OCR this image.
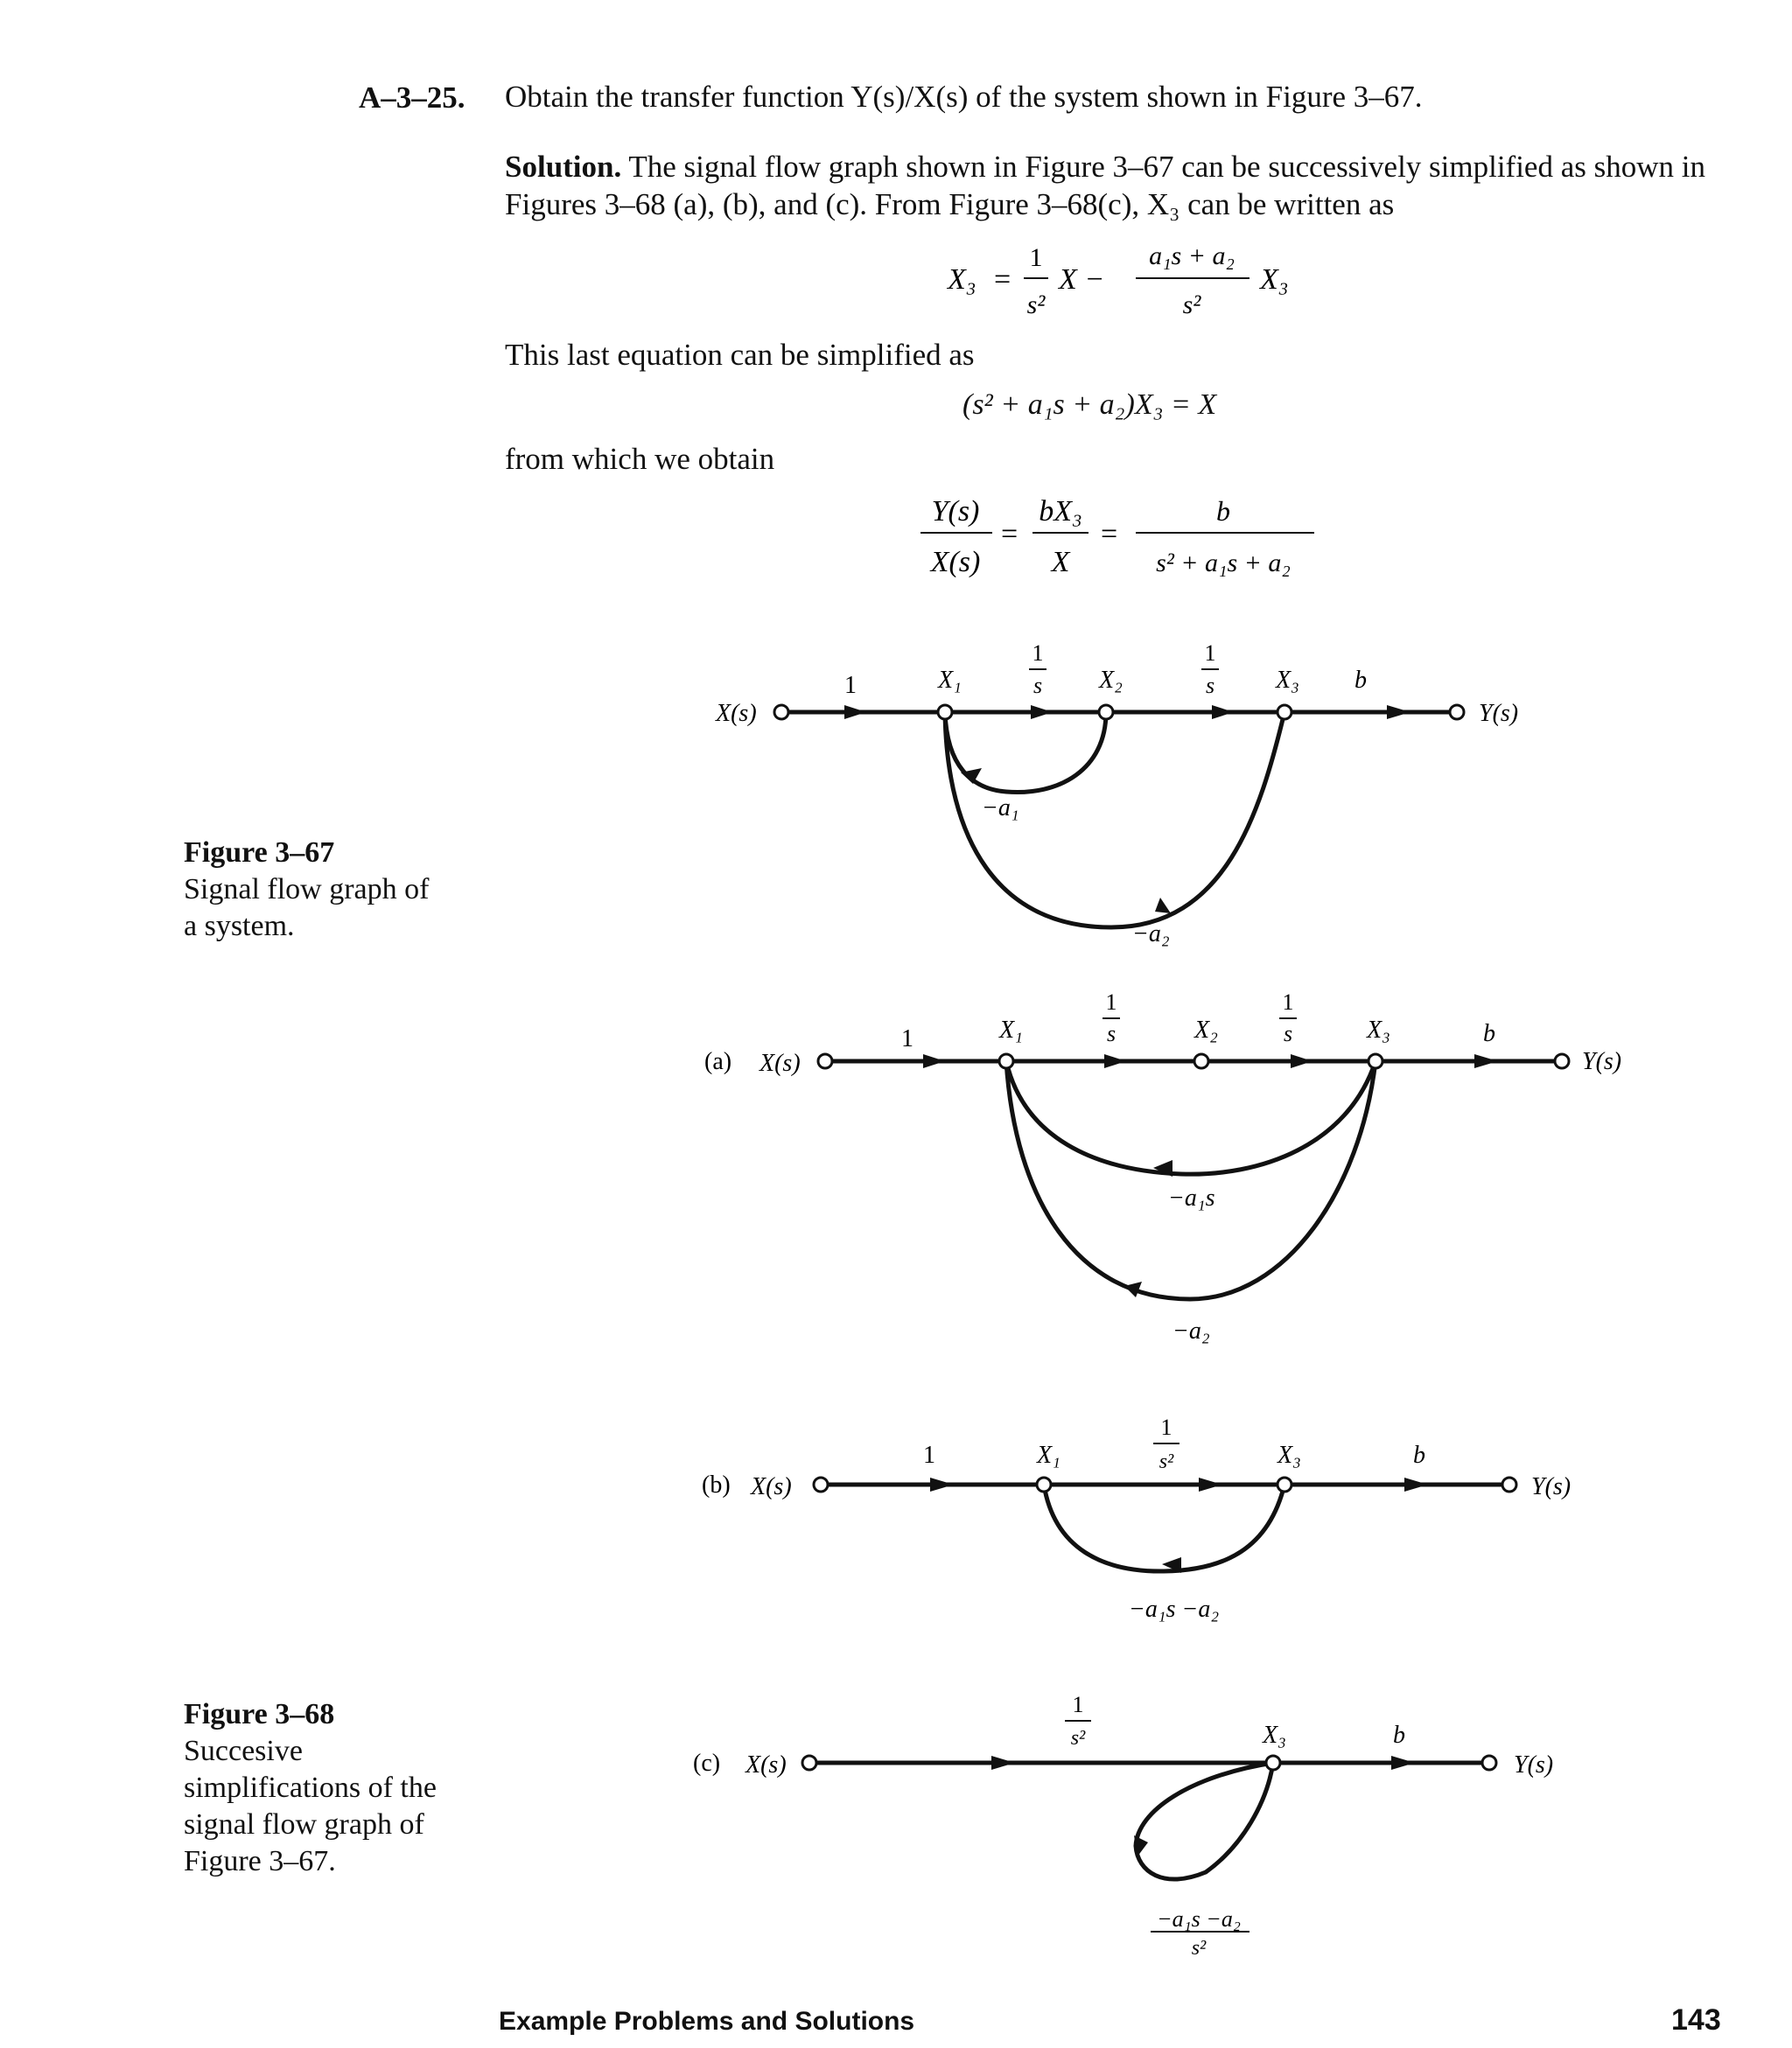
A–3–25. Obtain the transfer function Y(s)/X(s) of the system shown in Figure 3–67.
Solution. The signal flow graph shown in Figure 3–67 can be successively simplified as shown in
Figures 3–68 (a), (b), and (c). From Figure 3–68(c), X₃ can be written as
X₃ =
1
s²
X −
a₁s + a₂
s²
X₃
This last equation can be simplified as
(s² + a₁s + a₂)X₃ = X
from which we obtain
Y(s)
X(s)
=
bX₃
X
=
b
s² + a₁s + a₂
X(s)	Y(s)
1	X₁
1
s X₂
1
s X₃ b
−a₁
−a₂
(a) X(s)	Y(s)
1	X₁
1
s	X₂
1
s	X₃	b
−a₁s
−a₂
(b) X(s)	Y(s)
1	X₁
1
s²	X₃	b
−a₁s −a₂
(c) X(s)	Y(s)
1
s²	X₃	b
−a₁s −a₂
s²
Figure 3–67
Signal flow graph of
a system.
Figure 3–68
Succesive
simplifications of the
signal flow graph of
Figure 3–67.
Example Problems and Solutions	143
